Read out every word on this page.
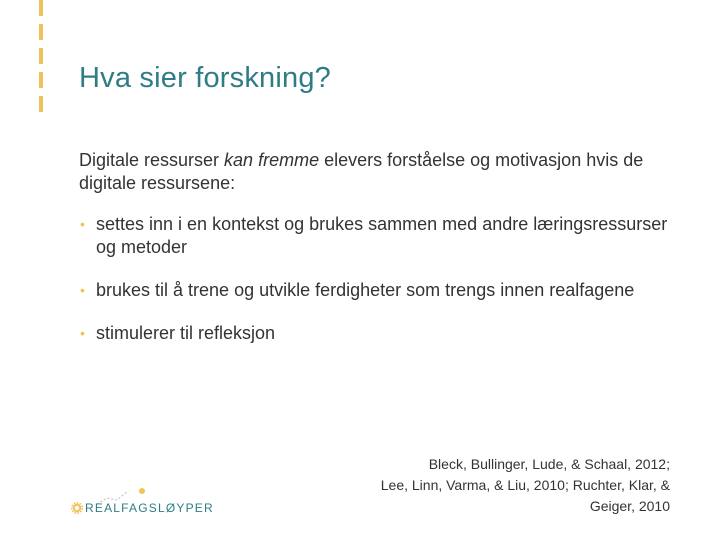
Hva sier forskning?

Digitale ressurser kan fremme elevers forståelse og motivasjon hvis de digitale ressursene:

• settes inn i en kontekst og brukes sammen med andre læringsressurser og metoder
• brukes til å trene og utvikle ferdigheter som trengs innen realfagene
• stimulerer til refleksjon
Bleck, Bullinger, Lude, & Schaal, 2012;
Lee, Linn, Varma, & Liu, 2010; Ruchter, Klar, &
Geiger, 2010
REALFAGSLØYPER
